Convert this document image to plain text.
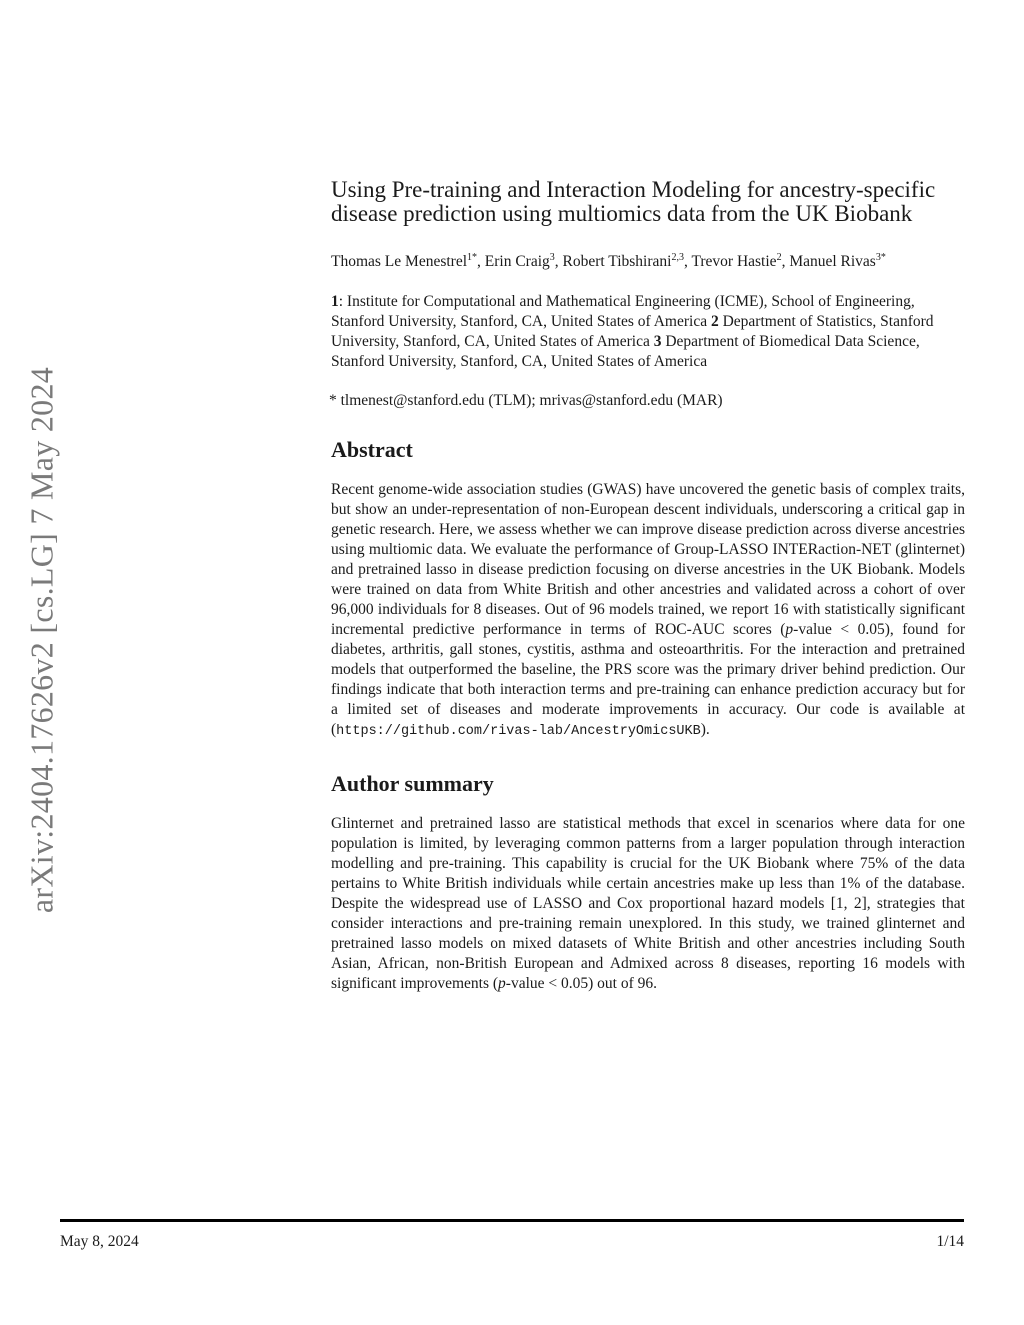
arXiv:2404.17626v2 [cs.LG] 7 May 2024
Using Pre-training and Interaction Modeling for ancestry-specific disease prediction using multiomics data from the UK Biobank
Thomas Le Menestrel$^{1*}$, Erin Craig$^3$, Robert Tibshirani$^{2,3}$, Trevor Hastie$^2$, Manuel Rivas$^{3*}$
1: Institute for Computational and Mathematical Engineering (ICME), School of Engineering, Stanford University, Stanford, CA, United States of America 2 Department of Statistics, Stanford University, Stanford, CA, United States of America 3 Department of Biomedical Data Science, Stanford University, Stanford, CA, United States of America
* tlmenest@stanford.edu (TLM); mrivas@stanford.edu (MAR)
Abstract
Recent genome-wide association studies (GWAS) have uncovered the genetic basis of complex traits, but show an under-representation of non-European descent individuals, underscoring a critical gap in genetic research. Here, we assess whether we can improve disease prediction across diverse ancestries using multiomic data. We evaluate the performance of Group-LASSO INTERaction-NET (glinternet) and pretrained lasso in disease prediction focusing on diverse ancestries in the UK Biobank. Models were trained on data from White British and other ancestries and validated across a cohort of over 96,000 individuals for 8 diseases. Out of 96 models trained, we report 16 with statistically significant incremental predictive performance in terms of ROC-AUC scores (p-value < 0.05), found for diabetes, arthritis, gall stones, cystitis, asthma and osteoarthritis. For the interaction and pretrained models that outperformed the baseline, the PRS score was the primary driver behind prediction. Our findings indicate that both interaction terms and pre-training can enhance prediction accuracy but for a limited set of diseases and moderate improvements in accuracy. Our code is available at (https://github.com/rivas-lab/AncestryOmicsUKB).
Author summary
Glinternet and pretrained lasso are statistical methods that excel in scenarios where data for one population is limited, by leveraging common patterns from a larger population through interaction modelling and pre-training. This capability is crucial for the UK Biobank where 75% of the data pertains to White British individuals while certain ancestries make up less than 1% of the database. Despite the widespread use of LASSO and Cox proportional hazard models [1, 2], strategies that consider interactions and pre-training remain unexplored. In this study, we trained glinternet and pretrained lasso models on mixed datasets of White British and other ancestries including South Asian, African, non-British European and Admixed across 8 diseases, reporting 16 models with significant improvements (p-value < 0.05) out of 96.
May 8, 2024	1/14
